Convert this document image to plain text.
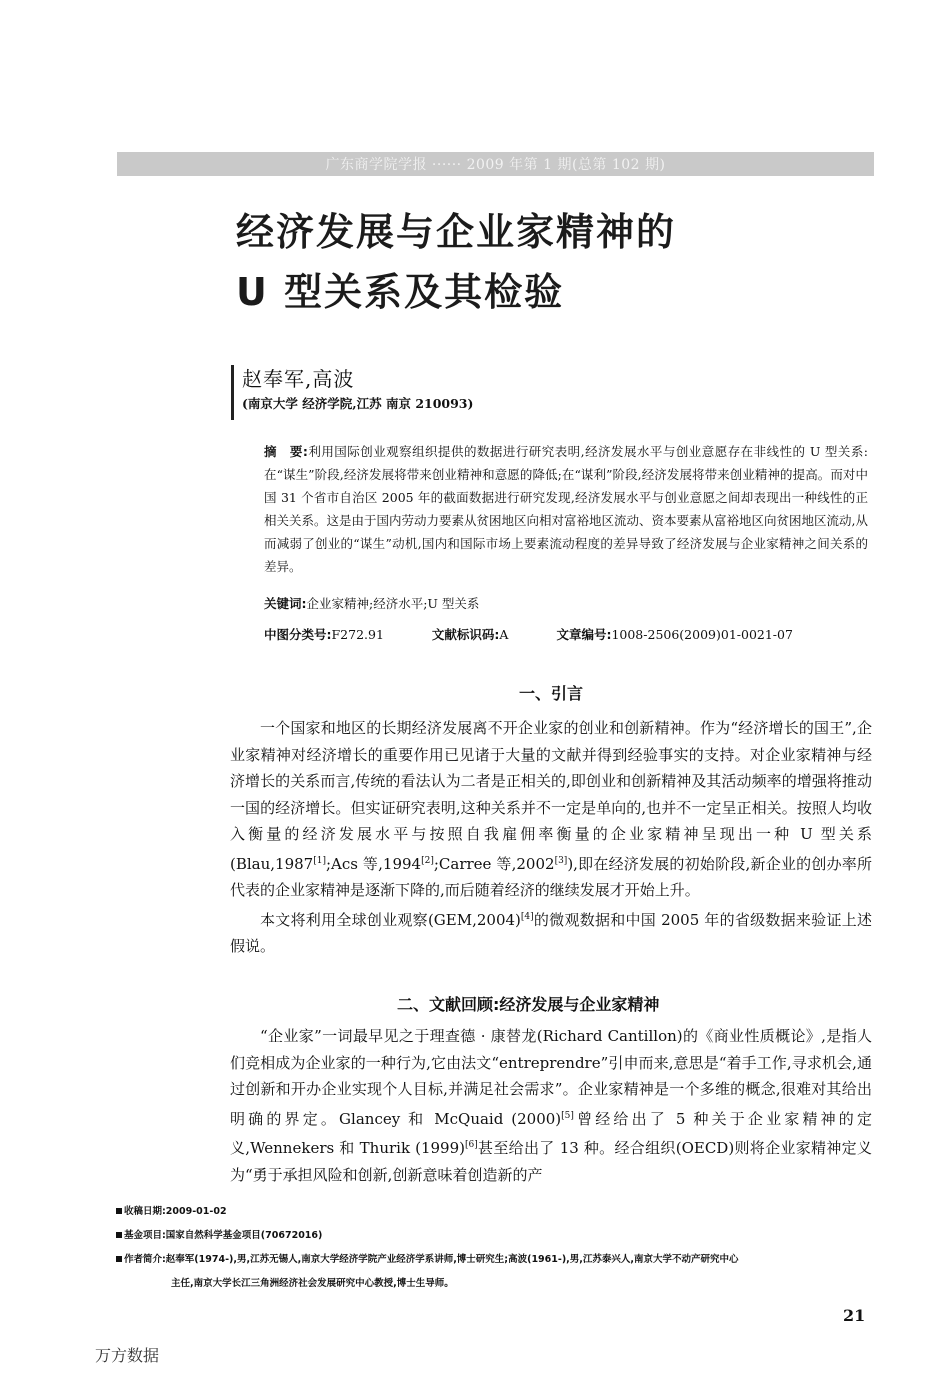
广东商学院学报 ······ 2009 年第 1 期(总第 102 期)
经济发展与企业家精神的
U 型关系及其检验
赵奉军,高波
(南京大学 经济学院,江苏 南京 210093)
摘　要:利用国际创业观察组织提供的数据进行研究表明,经济发展水平与创业意愿存在非线性的 U 型关系:在“谋生”阶段,经济发展将带来创业精神和意愿的降低;在“谋利”阶段,经济发展将带来创业精神的提高。而对中国 31 个省市自治区 2005 年的截面数据进行研究发现,经济发展水平与创业意愿之间却表现出一种线性的正相关关系。这是由于国内劳动力要素从贫困地区向相对富裕地区流动、资本要素从富裕地区向贫困地区流动,从而减弱了创业的“谋生”动机,国内和国际市场上要素流动程度的差异导致了经济发展与企业家精神之间关系的差异。
关键词:企业家精神;经济水平;U 型关系
中图分类号:F272.91	文献标识码:A	文章编号:1008-2506(2009)01-0021-07
一、引言

一个国家和地区的长期经济发展离不开企业家的创业和创新精神。作为“经济增长的国王”,企业家精神对经济增长的重要作用已见诸于大量的文献并得到经验事实的支持。对企业家精神与经济增长的关系而言,传统的看法认为二者是正相关的,即创业和创新精神及其活动频率的增强将推动一国的经济增长。但实证研究表明,这种关系并不一定是单向的,也并不一定呈正相关。按照人均收入衡量的经济发展水平与按照自我雇佣率衡量的企业家精神呈现出一种 U 型关系(Blau,1987[1];Acs 等,1994[2];Carree 等,2002[3]),即在经济发展的初始阶段,新企业的创办率所代表的企业家精神是逐渐下降的,而后随着经济的继续发展才开始上升。

本文将利用全球创业观察(GEM,2004)[4]的微观数据和中国 2005 年的省级数据来验证上述假说。

二、文献回顾:经济发展与企业家精神

“企业家”一词最早见之于理查德 · 康替龙(Richard Cantillon)的《商业性质概论》,是指人们竞相成为企业家的一种行为,它由法文“entreprendre”引申而来,意思是“着手工作,寻求机会,通过创新和开办企业实现个人目标,并满足社会需求”。企业家精神是一个多维的概念,很难对其给出明确的界定。Glancey 和 McQuaid (2000)[5]曾经给出了 5 种关于企业家精神的定义,Wennekers 和 Thurik (1999)[6]甚至给出了 13 种。经合组织(OECD)则将企业家精神定义为“勇于承担风险和创新,创新意味着创造新的产

收稿日期:2009-01-02
基金项目:国家自然科学基金项目(70672016)
作者简介:赵奉军(1974-),男,江苏无锡人,南京大学经济学院产业经济学系讲师,博士研究生;高波(1961-),男,江苏泰兴人,南京大学不动产研究中心
主任,南京大学长江三角洲经济社会发展研究中心教授,博士生导师。
21
万方数据
